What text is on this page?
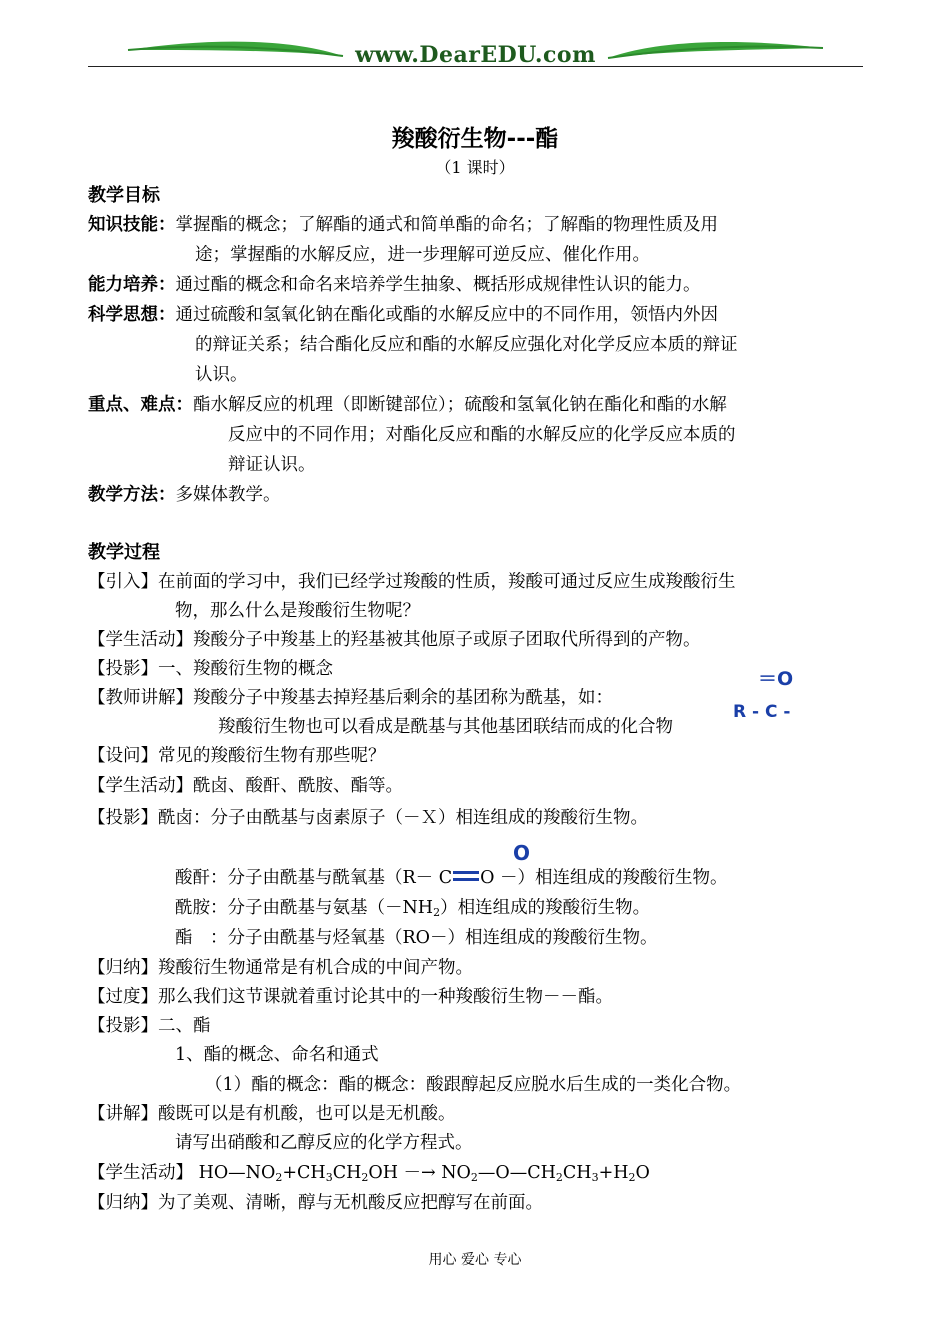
www.DearEDU.com
羧酸衍生物---酯
（1 课时）
教学目标
知识技能：掌握酯的概念；了解酯的通式和简单酯的命名；了解酯的物理性质及用
途；掌握酯的水解反应，进一步理解可逆反应、催化作用。
能力培养：通过酯的概念和命名来培养学生抽象、概括形成规律性认识的能力。
科学思想：通过硫酸和氢氧化钠在酯化或酯的水解反应中的不同作用，领悟内外因
的辩证关系；结合酯化反应和酯的水解反应强化对化学反应本质的辩证
认识。
重点、难点：酯水解反应的机理（即断键部位）；硫酸和氢氧化钠在酯化和酯的水解
反应中的不同作用；对酯化反应和酯的水解反应的化学反应本质的
辩证认识。
教学方法：多媒体教学。
教学过程
【引入】在前面的学习中，我们已经学过羧酸的性质，羧酸可通过反应生成羧酸衍生
物，那么什么是羧酸衍生物呢？
【学生活动】羧酸分子中羧基上的羟基被其他原子或原子团取代所得到的产物。
【投影】一、羧酸衍生物的概念	＝O
【教师讲解】羧酸分子中羧基去掉羟基后剩余的基团称为酰基，如：
R - C -
羧酸衍生物也可以看成是酰基与其他基团联结而成的化合物
【设问】常见的羧酸衍生物有那些呢？
【学生活动】酰卤、酸酐、酰胺、酯等。
【投影】酰卤：分子由酰基与卤素原子（－Ｘ）相连组成的羧酸衍生物。
O
酸酐：分子由酰基与酰氧基（R－ C O －）相连组成的羧酸衍生物。
酰胺：分子由酰基与氨基$(-NH_2)$相连组成的羧酸衍生物。
酯　：分子由酰基与烃氧基（RO－）相连组成的羧酸衍生物。
【归纳】羧酸衍生物通常是有机合成的中间产物。
【过度】那么我们这节课就着重讨论其中的一种羧酸衍生物－－酯。
【投影】二、酯
1、酯的概念、命名和通式
（1）酯的概念：酯的概念：酸跟醇起反应脱水后生成的一类化合物。
【讲解】酸既可以是有机酸，也可以是无机酸。
请写出硝酸和乙醇反应的化学方程式。
【学生活动】 $HO—NO_2+CH_3CH_2OH$ －→ $NO_2—O—CH_2CH_3+H_2O$
【归纳】为了美观、清晰，醇与无机酸反应把醇写在前面。
用心 爱心 专心
